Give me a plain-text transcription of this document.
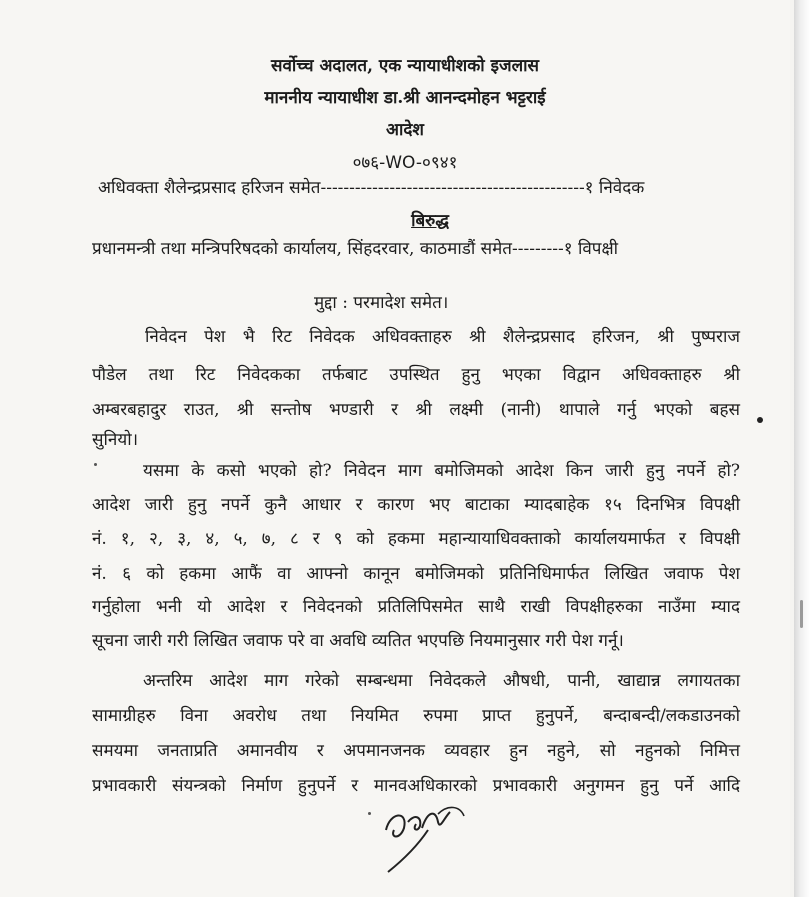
सर्वोच्च अदालत, एक न्यायाधीशको इजलास
माननीय न्यायाधीश डा.श्री आनन्दमोहन भट्टराई
आदेश
०७६-WO-०९४१
अधिवक्ता शैलेन्द्रप्रसाद हरिजन समेत----------------------------------------------१ निवेदक
बिरुद्ध
प्रधानमन्त्री तथा मन्त्रिपरिषदको कार्यालय, सिंहदरवार, काठमाडौं समेत---------१ विपक्षी
मुद्दा : परमादेश समेत।
निवेदन पेश भै रिट निवेदक अधिवक्ताहरु श्री शैलेन्द्रप्रसाद हरिजन, श्री पुष्पराज
पौडेल तथा रिट निवेदकका तर्फबाट उपस्थित हुनु भएका विद्वान अधिवक्ताहरु श्री
अम्बरबहादुर राउत, श्री सन्तोष भण्डारी र श्री लक्ष्मी (नानी) थापाले गर्नु भएको बहस
सुनियो।
यसमा के कसो भएको हो? निवेदन माग बमोजिमको आदेश किन जारी हुनु नपर्ने हो?
आदेश जारी हुनु नपर्ने कुनै आधार र कारण भए बाटाका म्यादबाहेक १५ दिनभित्र विपक्षी
नं. १, २, ३, ४, ५, ७, ८ र ९ को हकमा महान्यायाधिवक्ताको कार्यालयमार्फत र विपक्षी
नं. ६ को हकमा आफैं वा आफ्नो कानून बमोजिमको प्रतिनिधिमार्फत लिखित जवाफ पेश
गर्नुहोला भनी यो आदेश र निवेदनको प्रतिलिपिसमेत साथै राखी विपक्षीहरुका नाउँमा म्याद
सूचना जारी गरी लिखित जवाफ परे वा अवधि व्यतित भएपछि नियमानुसार गरी पेश गर्नू।
अन्तरिम आदेश माग गरेको सम्बन्धमा निवेदकले औषधी, पानी, खाद्यान्न लगायतका
सामाग्रीहरु विना अवरोध तथा नियमित रुपमा प्राप्त हुनुपर्ने, बन्दाबन्दी/लकडाउनको
समयमा जनताप्रति अमानवीय र अपमानजनक व्यवहार हुन नहुने, सो नहुनको निमित्त
प्रभावकारी संयन्त्रको निर्माण हुनुपर्ने र मानवअधिकारको प्रभावकारी अनुगमन हुनु पर्ने आदि
